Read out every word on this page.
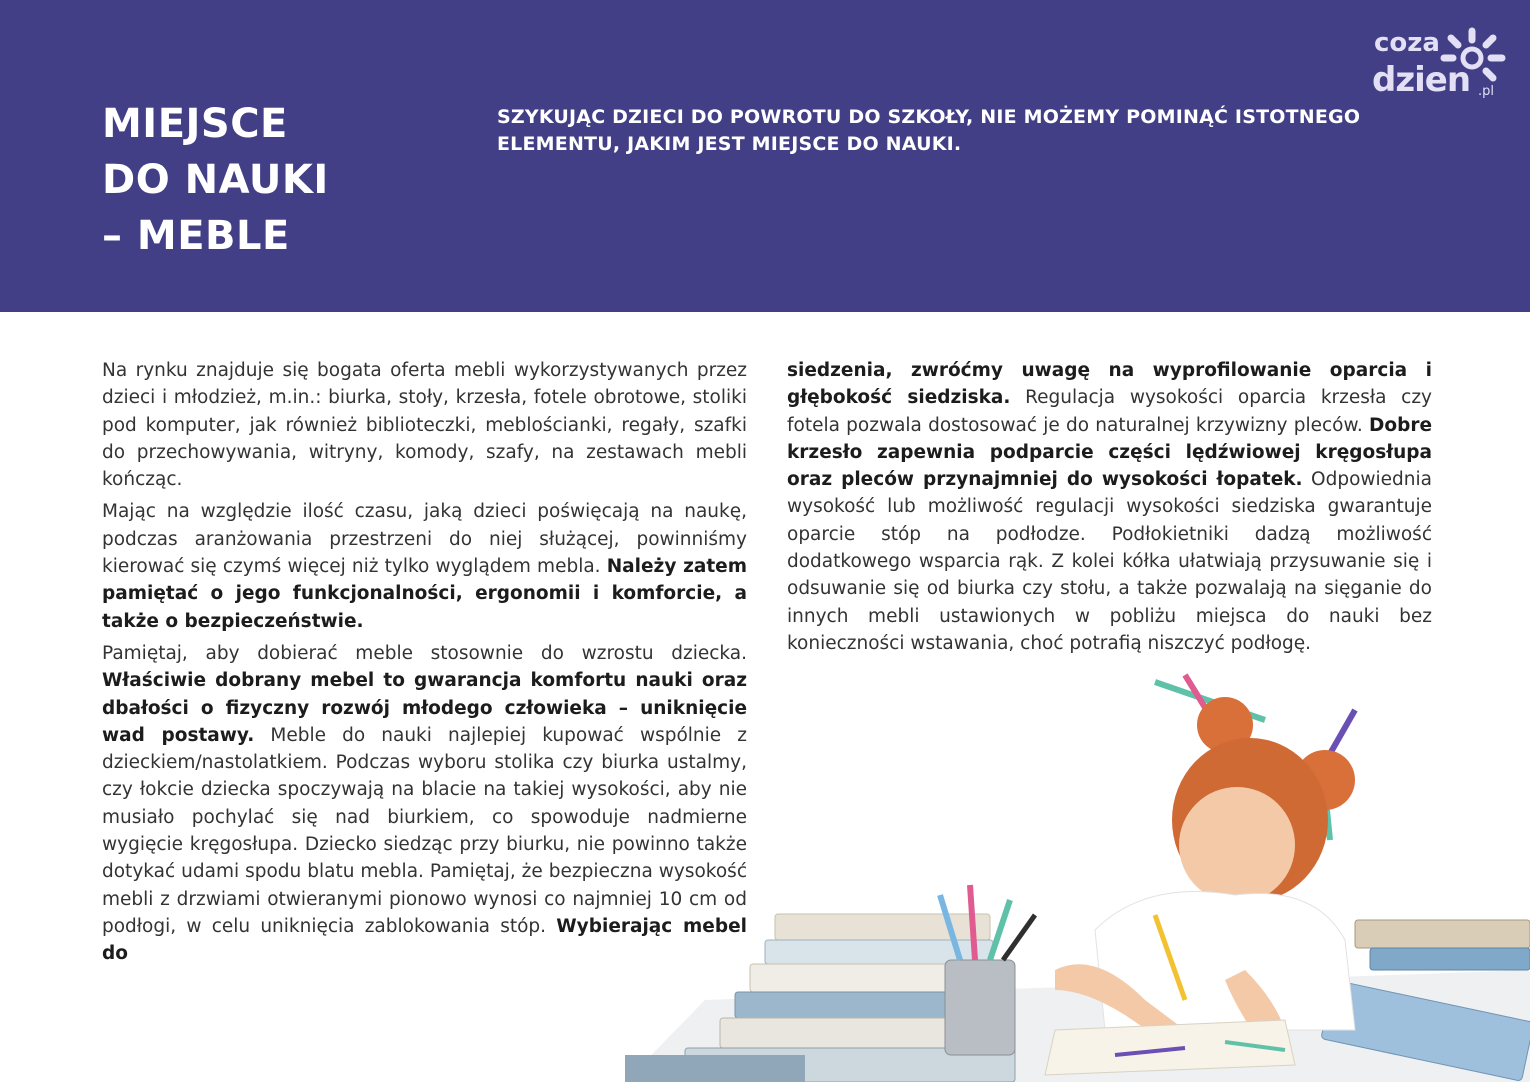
MIEJSCE
DO NAUKI
– MEBLE

SZYKUJĄC DZIECI DO POWROTU DO SZKOŁY, NIE MOŻEMY POMINĄĆ ISTOTNEGO ELEMENTU, JAKIM JEST MIEJSCE DO NAUKI.

coza
dzien .pl

Na rynku znajduje się bogata oferta mebli wykorzystywanych przez dzieci i młodzież, m.in.: biurka, stoły, krzesła, fotele obrotowe, stoliki pod komputer, jak również biblioteczki, meblościanki, regały, szafki do przechowywania, witryny, komody, szafy, na zestawach mebli kończąc.

Mając na względzie ilość czasu, jaką dzieci poświęcają na naukę, podczas aranżowania przestrzeni do niej służącej, powinniśmy kierować się czymś więcej niż tylko wyglądem mebla. Należy zatem pamiętać o jego funkcjonalności, ergonomii i komforcie, a także o bezpieczeństwie.

Pamiętaj, aby dobierać meble stosownie do wzrostu dziecka. Właściwie dobrany mebel to gwarancja komfortu nauki oraz dbałości o fizyczny rozwój młodego człowieka – uniknięcie wad postawy. Meble do nauki najlepiej kupować wspólnie z dzieckiem/nastolatkiem. Podczas wyboru stolika czy biurka ustalmy, czy łokcie dziecka spoczywają na blacie na takiej wysokości, aby nie musiało pochylać się nad biurkiem, co spowoduje nadmierne wygięcie kręgosłupa. Dziecko siedząc przy biurku, nie powinno także dotykać udami spodu blatu mebla. Pamiętaj, że bezpieczna wysokość mebli z drzwiami otwieranymi pionowo wynosi co najmniej 10 cm od podłogi, w celu uniknięcia zablokowania stóp. Wybierając mebel do

siedzenia, zwróćmy uwagę na wyprofilowanie oparcia i głębokość siedziska. Regulacja wysokości oparcia krzesła czy fotela pozwala dostosować je do naturalnej krzywizny pleców. Dobre krzesło zapewnia podparcie części lędźwiowej kręgosłupa oraz pleców przynajmniej do wysokości łopatek. Odpowiednia wysokość lub możliwość regulacji wysokości siedziska gwarantuje oparcie stóp na podłodze. Podłokietniki dadzą możliwość dodatkowego wsparcia rąk. Z kolei kółka ułatwiają przysuwanie się i odsuwanie się od biurka czy stołu, a także pozwalają na sięganie do innych mebli ustawionych w pobliżu miejsca do nauki bez konieczności wstawania, choć potrafią niszczyć podłogę.
